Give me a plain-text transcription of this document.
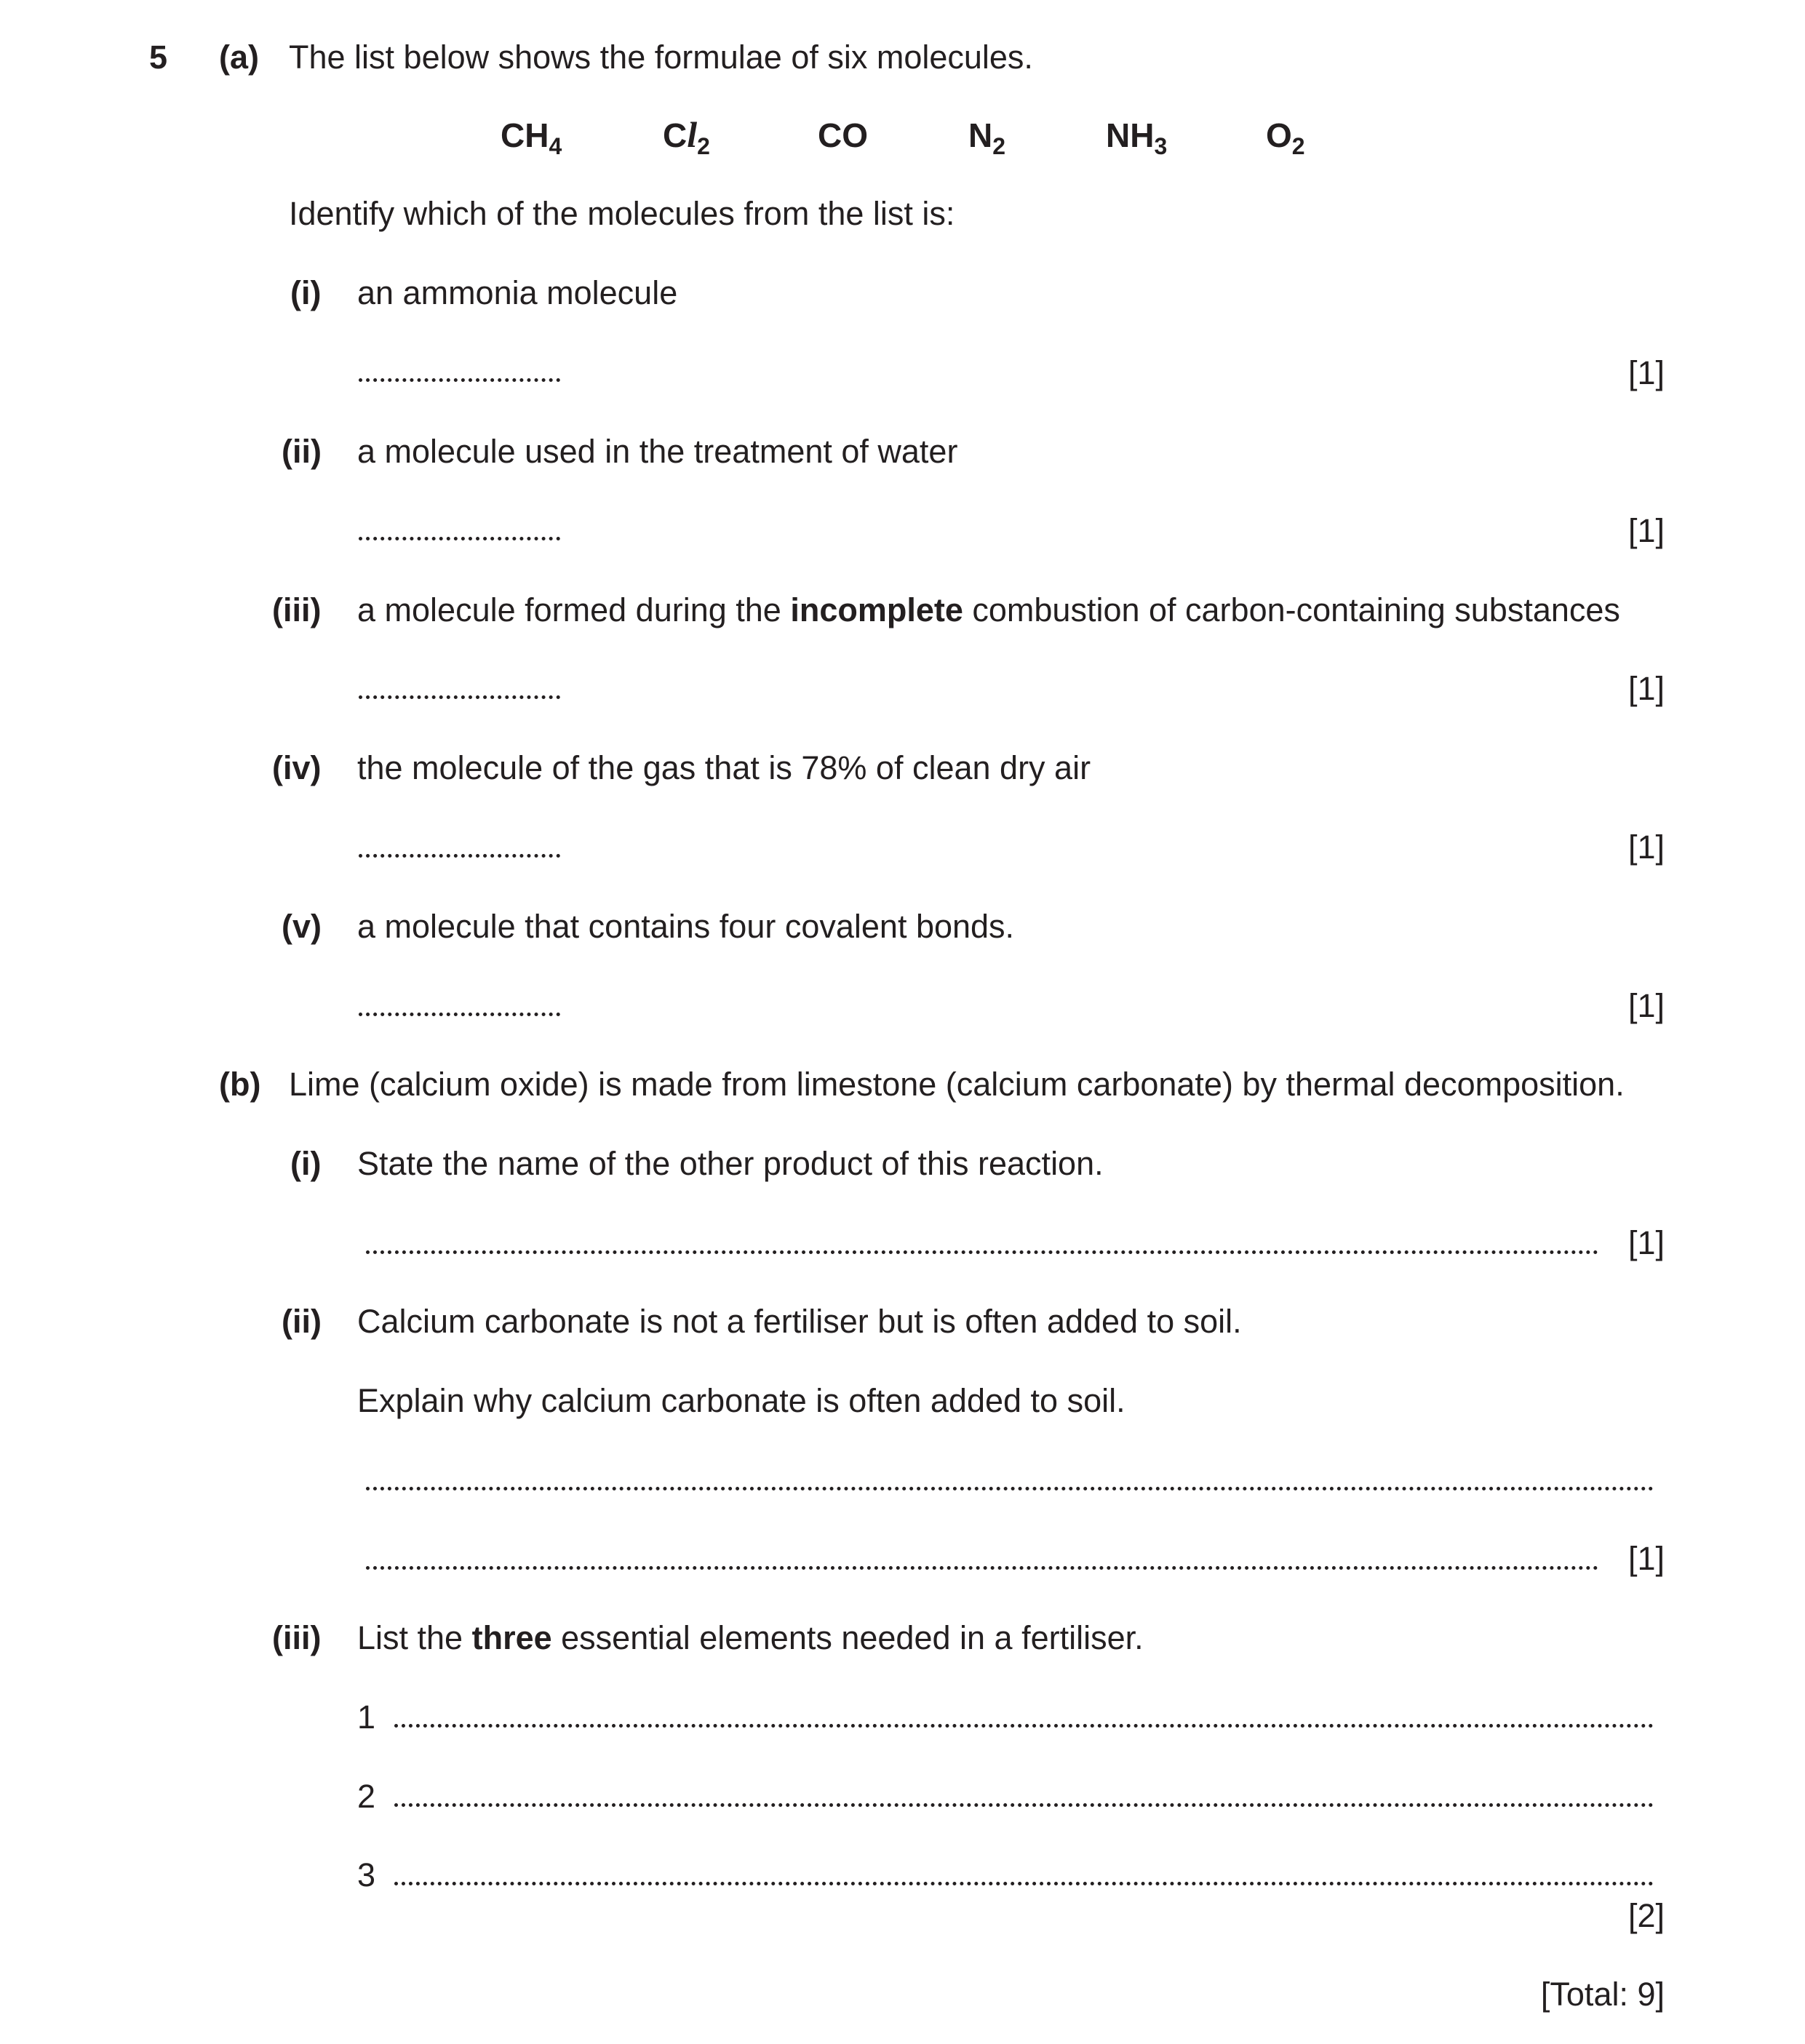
5 (a) The list below shows the formulae of six molecules.
$CH_4$	$Cl_2$	CO	$N_2$	$NH_3$	$O_2$
Identify which of the molecules from the list is:
(i) an ammonia molecule
[1]
(ii) a molecule used in the treatment of water
[1]
(iii) a molecule formed during the incomplete combustion of carbon-containing substances
[1]
(iv) the molecule of the gas that is 78% of clean dry air
[1]
(v) a molecule that contains four covalent bonds.
[1]
(b) Lime (calcium oxide) is made from limestone (calcium carbonate) by thermal decomposition.
(i) State the name of the other product of this reaction.
[1]
(ii) Calcium carbonate is not a fertiliser but is often added to soil.
Explain why calcium carbonate is often added to soil.
[1]
(iii) List the three essential elements needed in a fertiliser.
1
2
3
[2]
[Total: 9]
